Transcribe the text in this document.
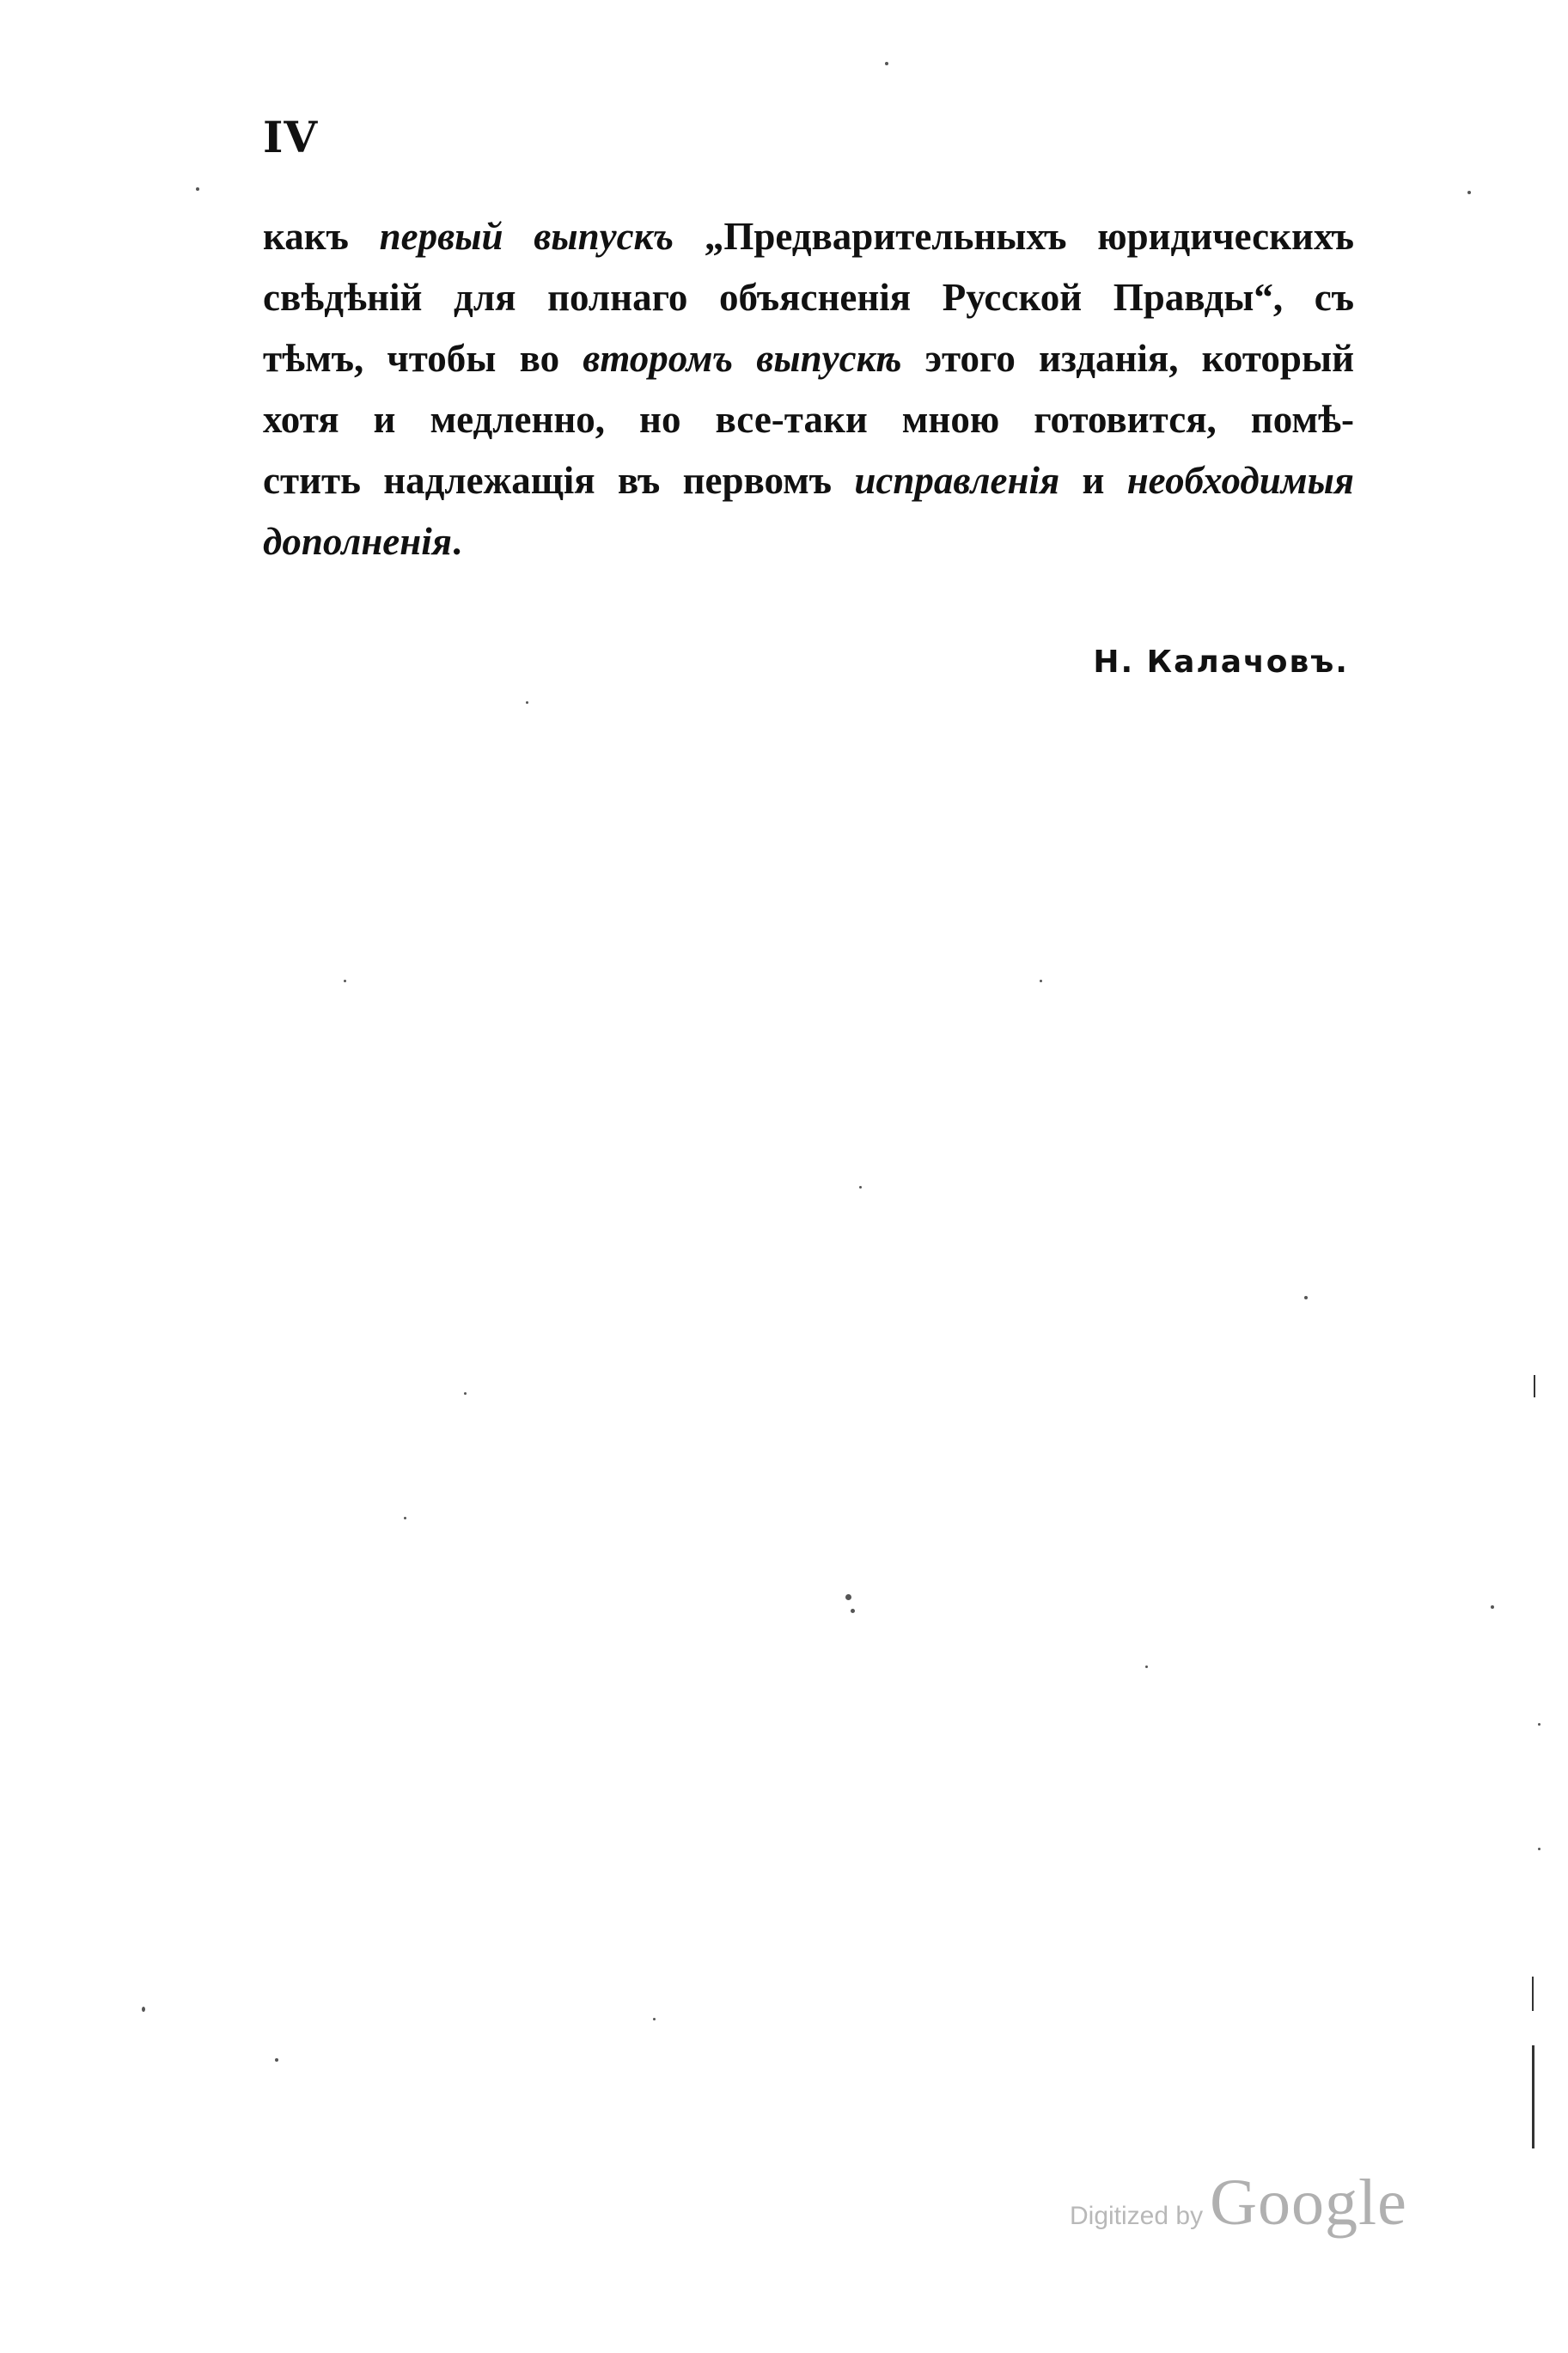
IV
какъ первый выпускъ „Предварительныхъ юридическихъ
свѣдѣній для полнаго объясненія Русской Правды“, съ
тѣмъ, чтобы во второмъ выпускѣ этого изданія, который
хотя и медленно, но все-таки мною готовится, помѣ-
стить надлежащія въ первомъ исправленія и необходимыя
дополненія.
Н. Калачовъ.
Digitized by Google
